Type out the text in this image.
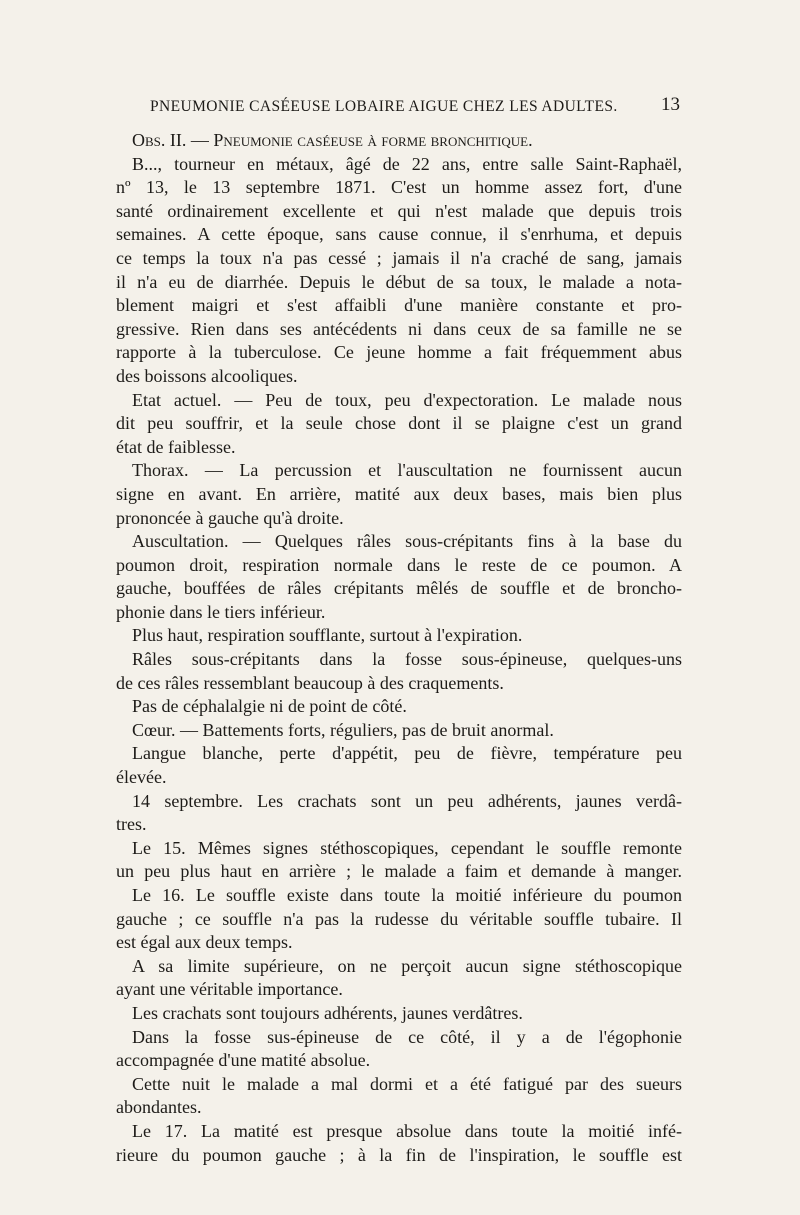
PNEUMONIE CASÉEUSE LOBAIRE AIGUE CHEZ LES ADULTES. 13
Obs. II. — Pneumonie caséeuse à forme bronchitique.
B..., tourneur en métaux, âgé de 22 ans, entre salle Saint-Raphaël,
nº 13, le 13 septembre 1871. C'est un homme assez fort, d'une
santé ordinairement excellente et qui n'est malade que depuis trois
semaines. A cette époque, sans cause connue, il s'enrhuma, et depuis
ce temps la toux n'a pas cessé ; jamais il n'a craché de sang, jamais
il n'a eu de diarrhée. Depuis le début de sa toux, le malade a nota-
blement maigri et s'est affaibli d'une manière constante et pro-
gressive. Rien dans ses antécédents ni dans ceux de sa famille ne se
rapporte à la tuberculose. Ce jeune homme a fait fréquemment abus
des boissons alcooliques.
Etat actuel. — Peu de toux, peu d'expectoration. Le malade nous
dit peu souffrir, et la seule chose dont il se plaigne c'est un grand
état de faiblesse.
Thorax. — La percussion et l'auscultation ne fournissent aucun
signe en avant. En arrière, matité aux deux bases, mais bien plus
prononcée à gauche qu'à droite.
Auscultation. — Quelques râles sous-crépitants fins à la base du
poumon droit, respiration normale dans le reste de ce poumon. A
gauche, bouffées de râles crépitants mêlés de souffle et de broncho-
phonie dans le tiers inférieur.
Plus haut, respiration soufflante, surtout à l'expiration.
Râles sous-crépitants dans la fosse sous-épineuse, quelques-uns
de ces râles ressemblant beaucoup à des craquements.
Pas de céphalalgie ni de point de côté.
Cœur. — Battements forts, réguliers, pas de bruit anormal.
Langue blanche, perte d'appétit, peu de fièvre, température peu
élevée.
14 septembre. Les crachats sont un peu adhérents, jaunes verdâ-
tres.
Le 15. Mêmes signes stéthoscopiques, cependant le souffle remonte
un peu plus haut en arrière ; le malade a faim et demande à manger.
Le 16. Le souffle existe dans toute la moitié inférieure du poumon
gauche ; ce souffle n'a pas la rudesse du véritable souffle tubaire. Il
est égal aux deux temps.
A sa limite supérieure, on ne perçoit aucun signe stéthoscopique
ayant une véritable importance.
Les crachats sont toujours adhérents, jaunes verdâtres.
Dans la fosse sus-épineuse de ce côté, il y a de l'égophonie
accompagnée d'une matité absolue.
Cette nuit le malade a mal dormi et a été fatigué par des sueurs
abondantes.
Le 17. La matité est presque absolue dans toute la moitié infé-
rieure du poumon gauche ; à la fin de l'inspiration, le souffle est
